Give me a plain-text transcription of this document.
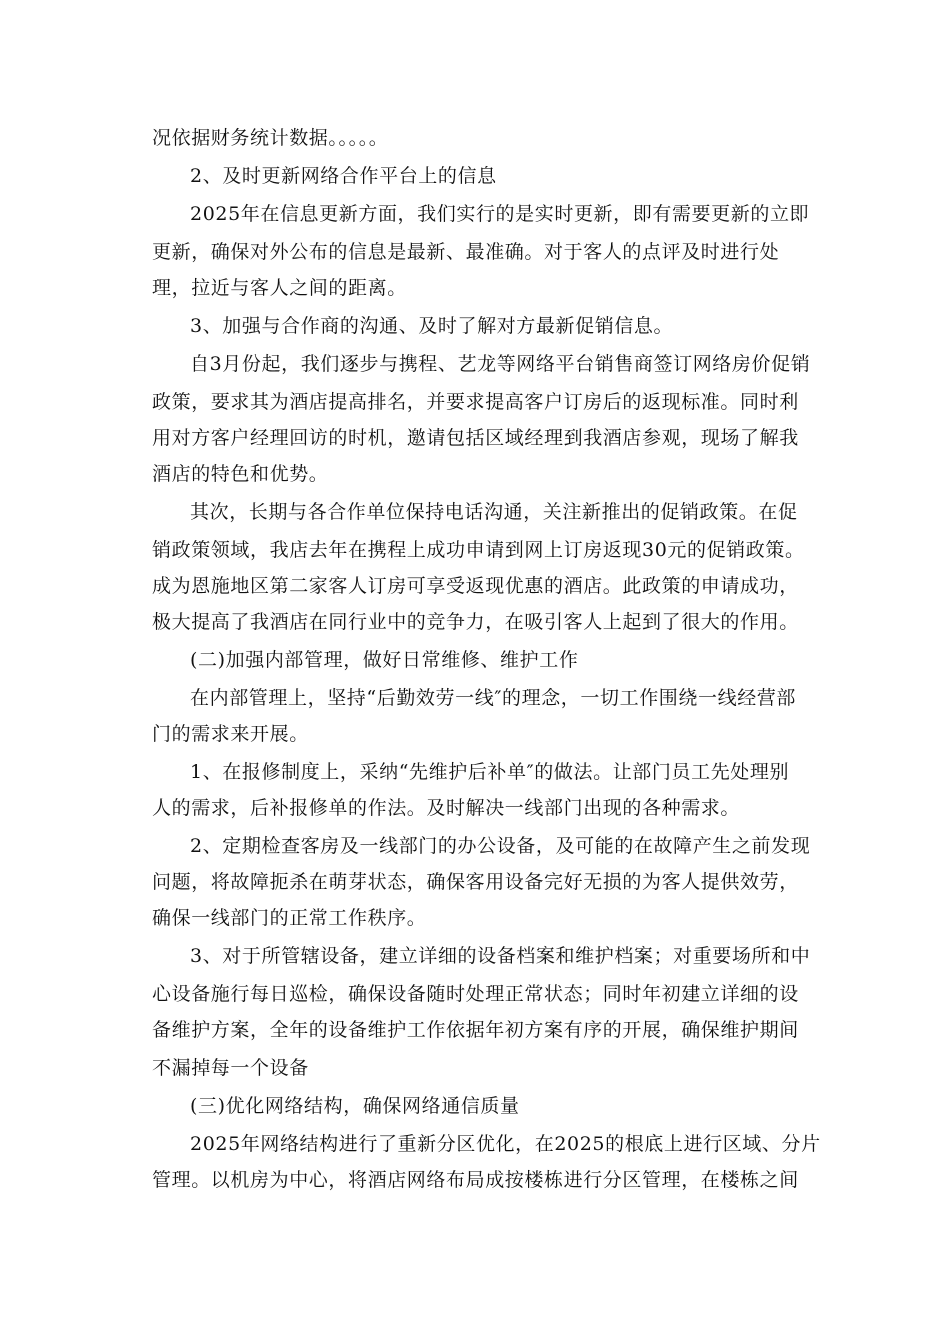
况依据财务统计数据。。。。。
2、及时更新网络合作平台上的信息
2025年在信息更新方面，我们实行的是实时更新，即有需要更新的立即
更新，确保对外公布的信息是最新、最准确。对于客人的点评及时进行处
理，拉近与客人之间的距离。
3、加强与合作商的沟通、及时了解对方最新促销信息。
自3月份起，我们逐步与携程、艺龙等网络平台销售商签订网络房价促销
政策，要求其为酒店提高排名，并要求提高客户订房后的返现标准。同时利
用对方客户经理回访的时机，邀请包括区域经理到我酒店参观，现场了解我
酒店的特色和优势。
其次，长期与各合作单位保持电话沟通，关注新推出的促销政策。在促
销政策领域，我店去年在携程上成功申请到网上订房返现30元的促销政策。
成为恩施地区第二家客人订房可享受返现优惠的酒店。此政策的申请成功，
极大提高了我酒店在同行业中的竞争力，在吸引客人上起到了很大的作用。
(二)加强内部管理，做好日常维修、维护工作
在内部管理上，坚持“后勤效劳一线″的理念，一切工作围绕一线经营部
门的需求来开展。
1、在报修制度上，采纳“先维护后补单″的做法。让部门员工先处理别
人的需求，后补报修单的作法。及时解决一线部门出现的各种需求。
2、定期检查客房及一线部门的办公设备，及可能的在故障产生之前发现
问题，将故障扼杀在萌芽状态，确保客用设备完好无损的为客人提供效劳，
确保一线部门的正常工作秩序。
3、对于所管辖设备，建立详细的设备档案和维护档案；对重要场所和中
心设备施行每日巡检，确保设备随时处理正常状态；同时年初建立详细的设
备维护方案，全年的设备维护工作依据年初方案有序的开展，确保维护期间
不漏掉每一个设备
(三)优化网络结构，确保网络通信质量
2025年网络结构进行了重新分区优化，在2025的根底上进行区域、分片
管理。以机房为中心，将酒店网络布局成按楼栋进行分区管理，在楼栋之间
